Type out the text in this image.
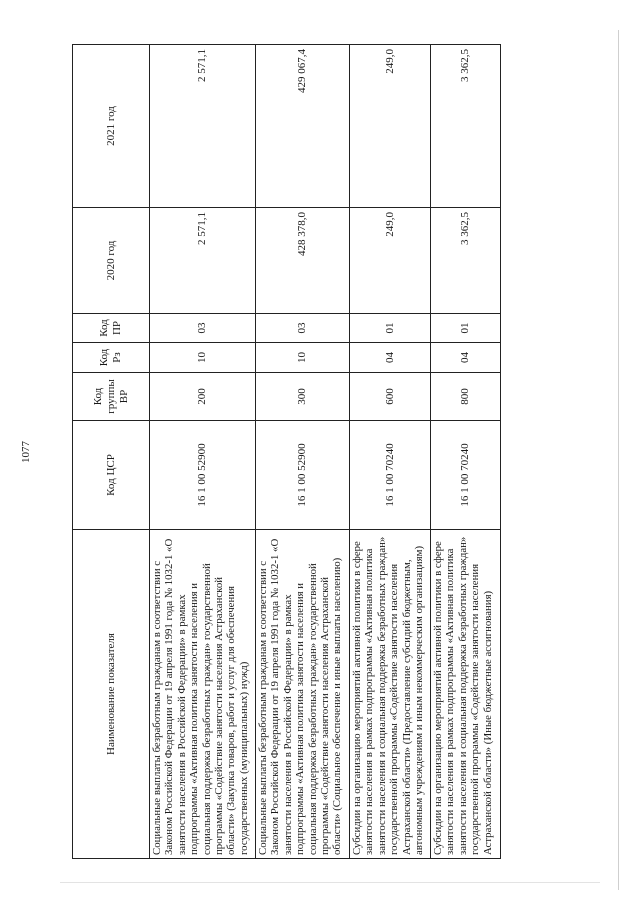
1077
Наименование показателя	Код ЦСР	Код группы ВР	Код Рз	Код ПР	2020 год	2021 год
Социальные выплаты безработным гражданам в соответствии с Законом Российской Федерации от 19 апреля 1991 года № 1032-1 «О занятости населения в Российской Федерации» в рамках подпрограммы «Активная политика занятости населения и социальная поддержка безработных граждан» государственной программы «Содействие занятости населения Астраханской области» (Закупка товаров, работ и услуг для обеспечения государственных (муниципальных) нужд)	16 1 00 52900	200	10	03	2 571,1	2 571,1
Социальные выплаты безработным гражданам в соответствии с Законом Российской Федерации от 19 апреля 1991 года № 1032-1 «О занятости населения в Российской Федерации» в рамках подпрограммы «Активная политика занятости населения и социальная поддержка безработных граждан» государственной программы «Содействие занятости населения Астраханской области» (Социальное обеспечение и иные выплаты населению)	16 1 00 52900	300	10	03	428 378,0	429 067,4
Субсидии на организацию мероприятий активной политики в сфере занятости населения в рамках подпрограммы «Активная политика занятости населения и социальная поддержка безработных граждан» государственной программы «Содействие занятости населения Астраханской области» (Предоставление субсидий бюджетным, автономным учреждениям и иным некоммерческим организациям)	16 1 00 70240	600	04	01	249,0	249,0
Субсидии на организацию мероприятий активной политики в сфере занятости населения в рамках подпрограммы «Активная политика занятости населения и социальная поддержка безработных граждан» государственной программы «Содействие занятости населения Астраханской области» (Иные бюджетные ассигнования)	16 1 00 70240	800	04	01	3 362,5	3 362,5
